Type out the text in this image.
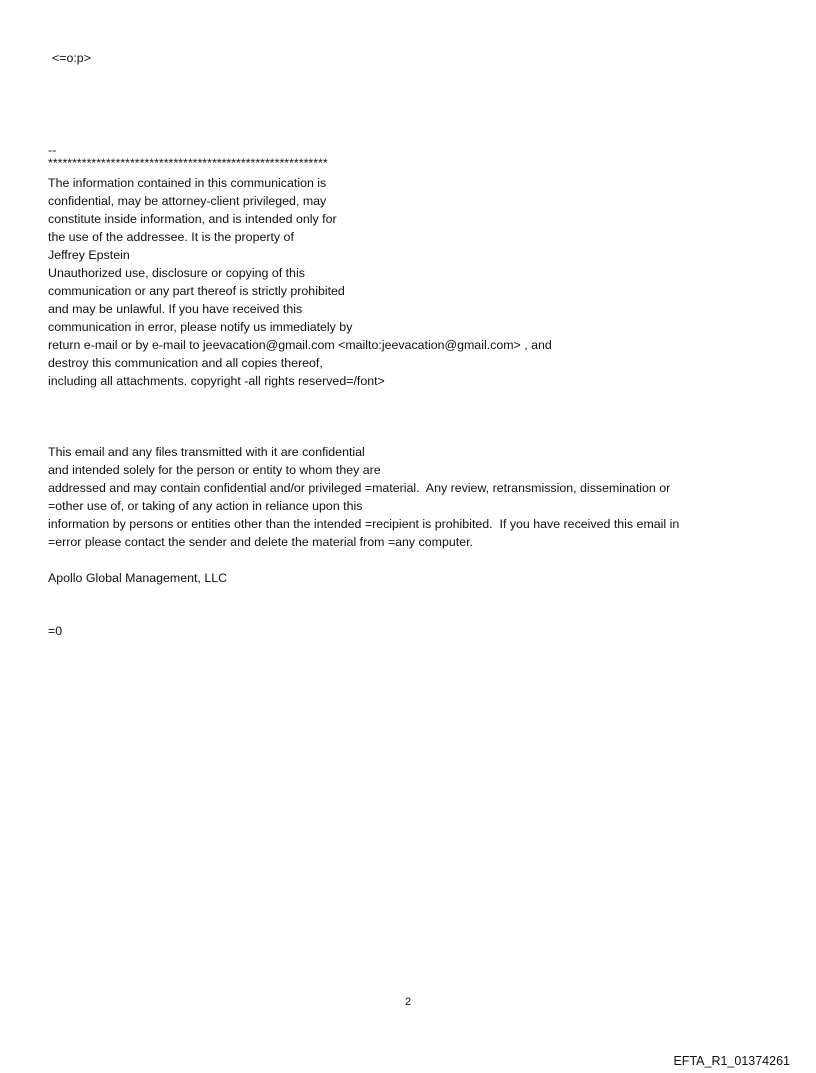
<=o:p>
--
**********************************************************
The information contained in this communication is
confidential, may be attorney-client privileged, may
constitute inside information, and is intended only for
the use of the addressee. It is the property of
Jeffrey Epstein
Unauthorized use, disclosure or copying of this
communication or any part thereof is strictly prohibited
and may be unlawful. If you have received this
communication in error, please notify us immediately by
return e-mail or by e-mail to jeevacation@gmail.com <mailto:jeevacation@gmail.com> , and
destroy this communication and all copies thereof,
including all attachments. copyright -all rights reserved=/font>
This email and any files transmitted with it are confidential
and intended solely for the person or entity to whom they are
addressed and may contain confidential and/or privileged =material.  Any review, retransmission, dissemination or
=other use of, or taking of any action in reliance upon this
information by persons or entities other than the intended =recipient is prohibited.  If you have received this email in
=error please contact the sender and delete the material from =any computer.
Apollo Global Management, LLC
=0
2
EFTA_R1_01374261
